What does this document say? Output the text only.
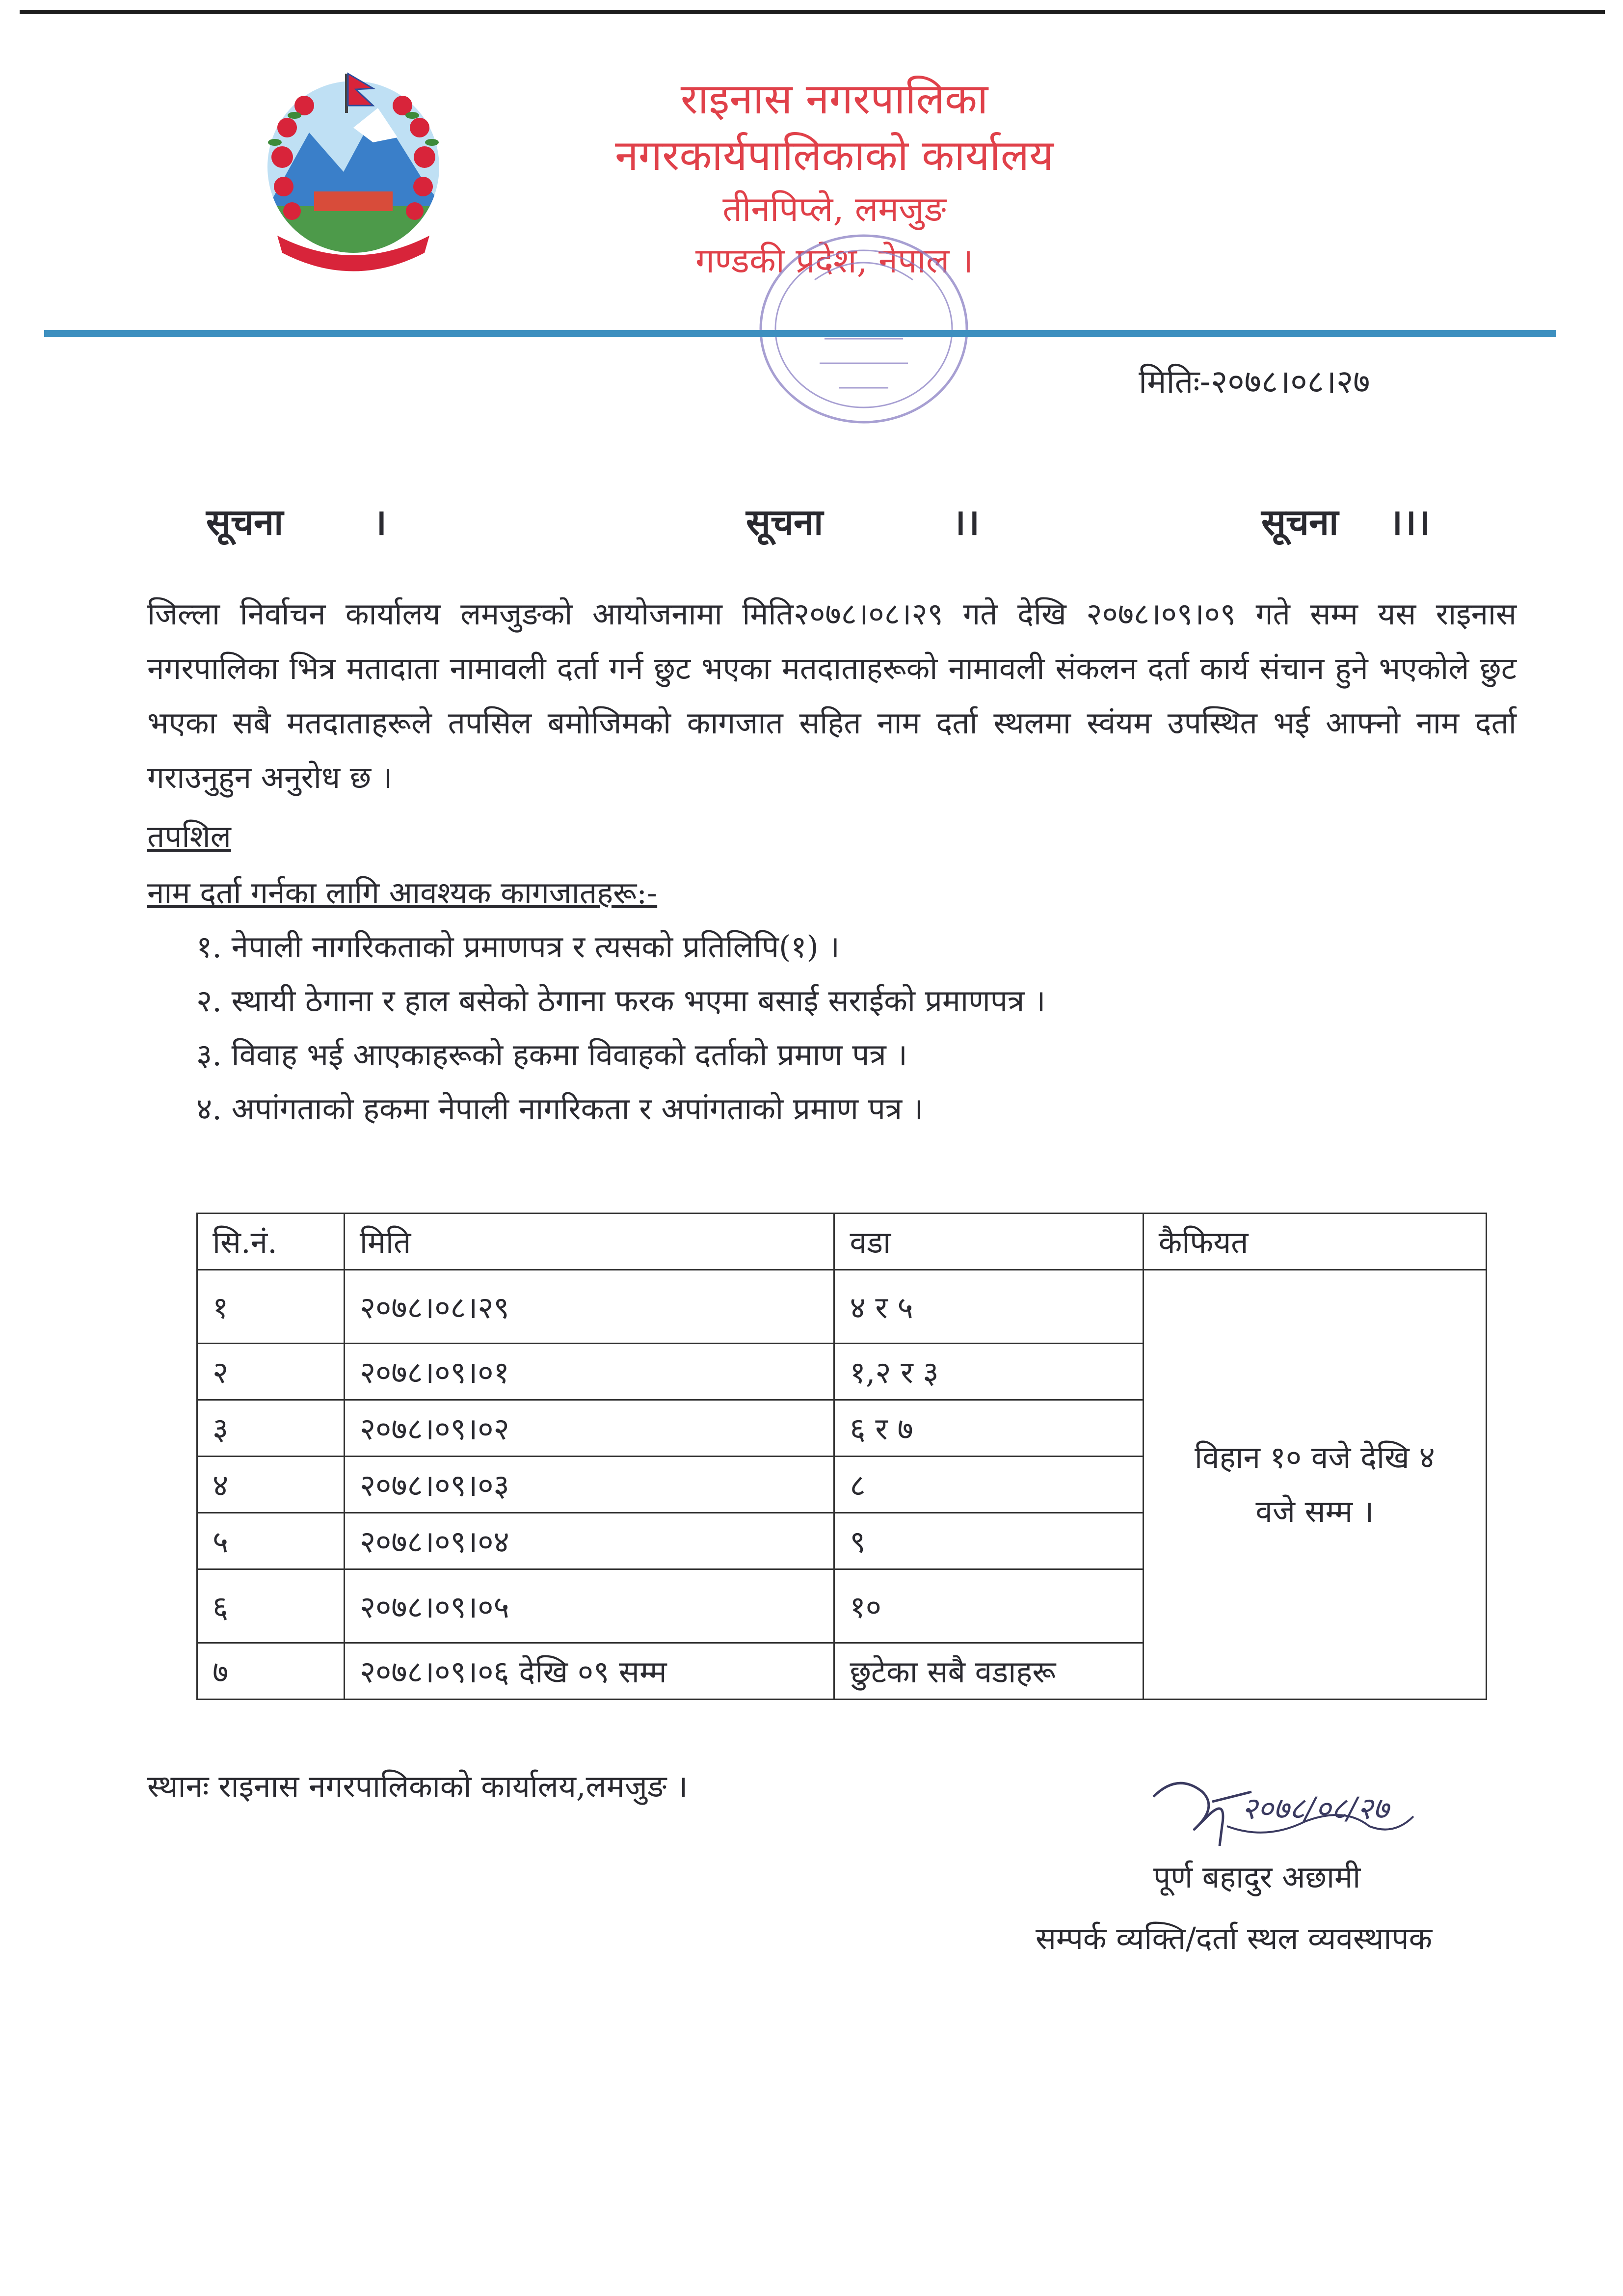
राइनास नगरपालिका
नगरकार्यपालिकाको कार्यालय
तीनपिप्ले, लमजुङ
गण्डकी प्रदेश, नेपाल ।
मितिः-२०७८।०८।२७
सूचना ।	सूचना	।।	सूचना ।।।
जिल्ला निर्वाचन कार्यालय लमजुङको आयोजनामा मिति२०७८।०८।२९ गते देखि २०७८।०९।०९ गते सम्म यस राइनास नगरपालिका भित्र मतादाता नामावली दर्ता गर्न छुट भएका मतदाताहरूको नामावली संकलन दर्ता कार्य संचान हुने भएकोले छुट भएका सबै मतदाताहरूले तपसिल बमोजिमको कागजात सहित नाम दर्ता स्थलमा स्वंयम उपस्थित भई आफ्नो नाम दर्ता गराउनुहुन अनुरोध छ ।
तपशिल
नाम दर्ता गर्नका लागि आवश्यक कागजातहरू:-
१. नेपाली नागरिकताको प्रमाणपत्र र त्यसको प्रतिलिपि(१) ।
२. स्थायी ठेगाना र हाल बसेको ठेगाना फरक भएमा बसाई सराईको प्रमाणपत्र ।
३. विवाह भई आएकाहरूको हकमा विवाहको दर्ताको प्रमाण पत्र ।
४. अपांगताको हकमा नेपाली नागरिकता र अपांगताको प्रमाण पत्र ।
सि.नं.	मिति	वडा	कैफियत
१	२०७८।०८।२९	४ र ५	विहान १० वजे देखि ४
वजे सम्म ।
२	२०७८।०९।०१	१,२ र ३	
३	२०७८।०९।०२	६ र ७	
४	२०७८।०९।०३	८	
५	२०७८।०९।०४	९	
६	२०७८।०९।०५	१०	
७	२०७८।०९।०६ देखि ०९ सम्म	छुटेका सबै वडाहरू	
स्थानः राइनास नगरपालिकाको कार्यालय,लमजुङ ।
२०७८/०८/२७
पूर्ण बहादुर अछामी
सम्पर्क व्यक्ति/दर्ता स्थल व्यवस्थापक
